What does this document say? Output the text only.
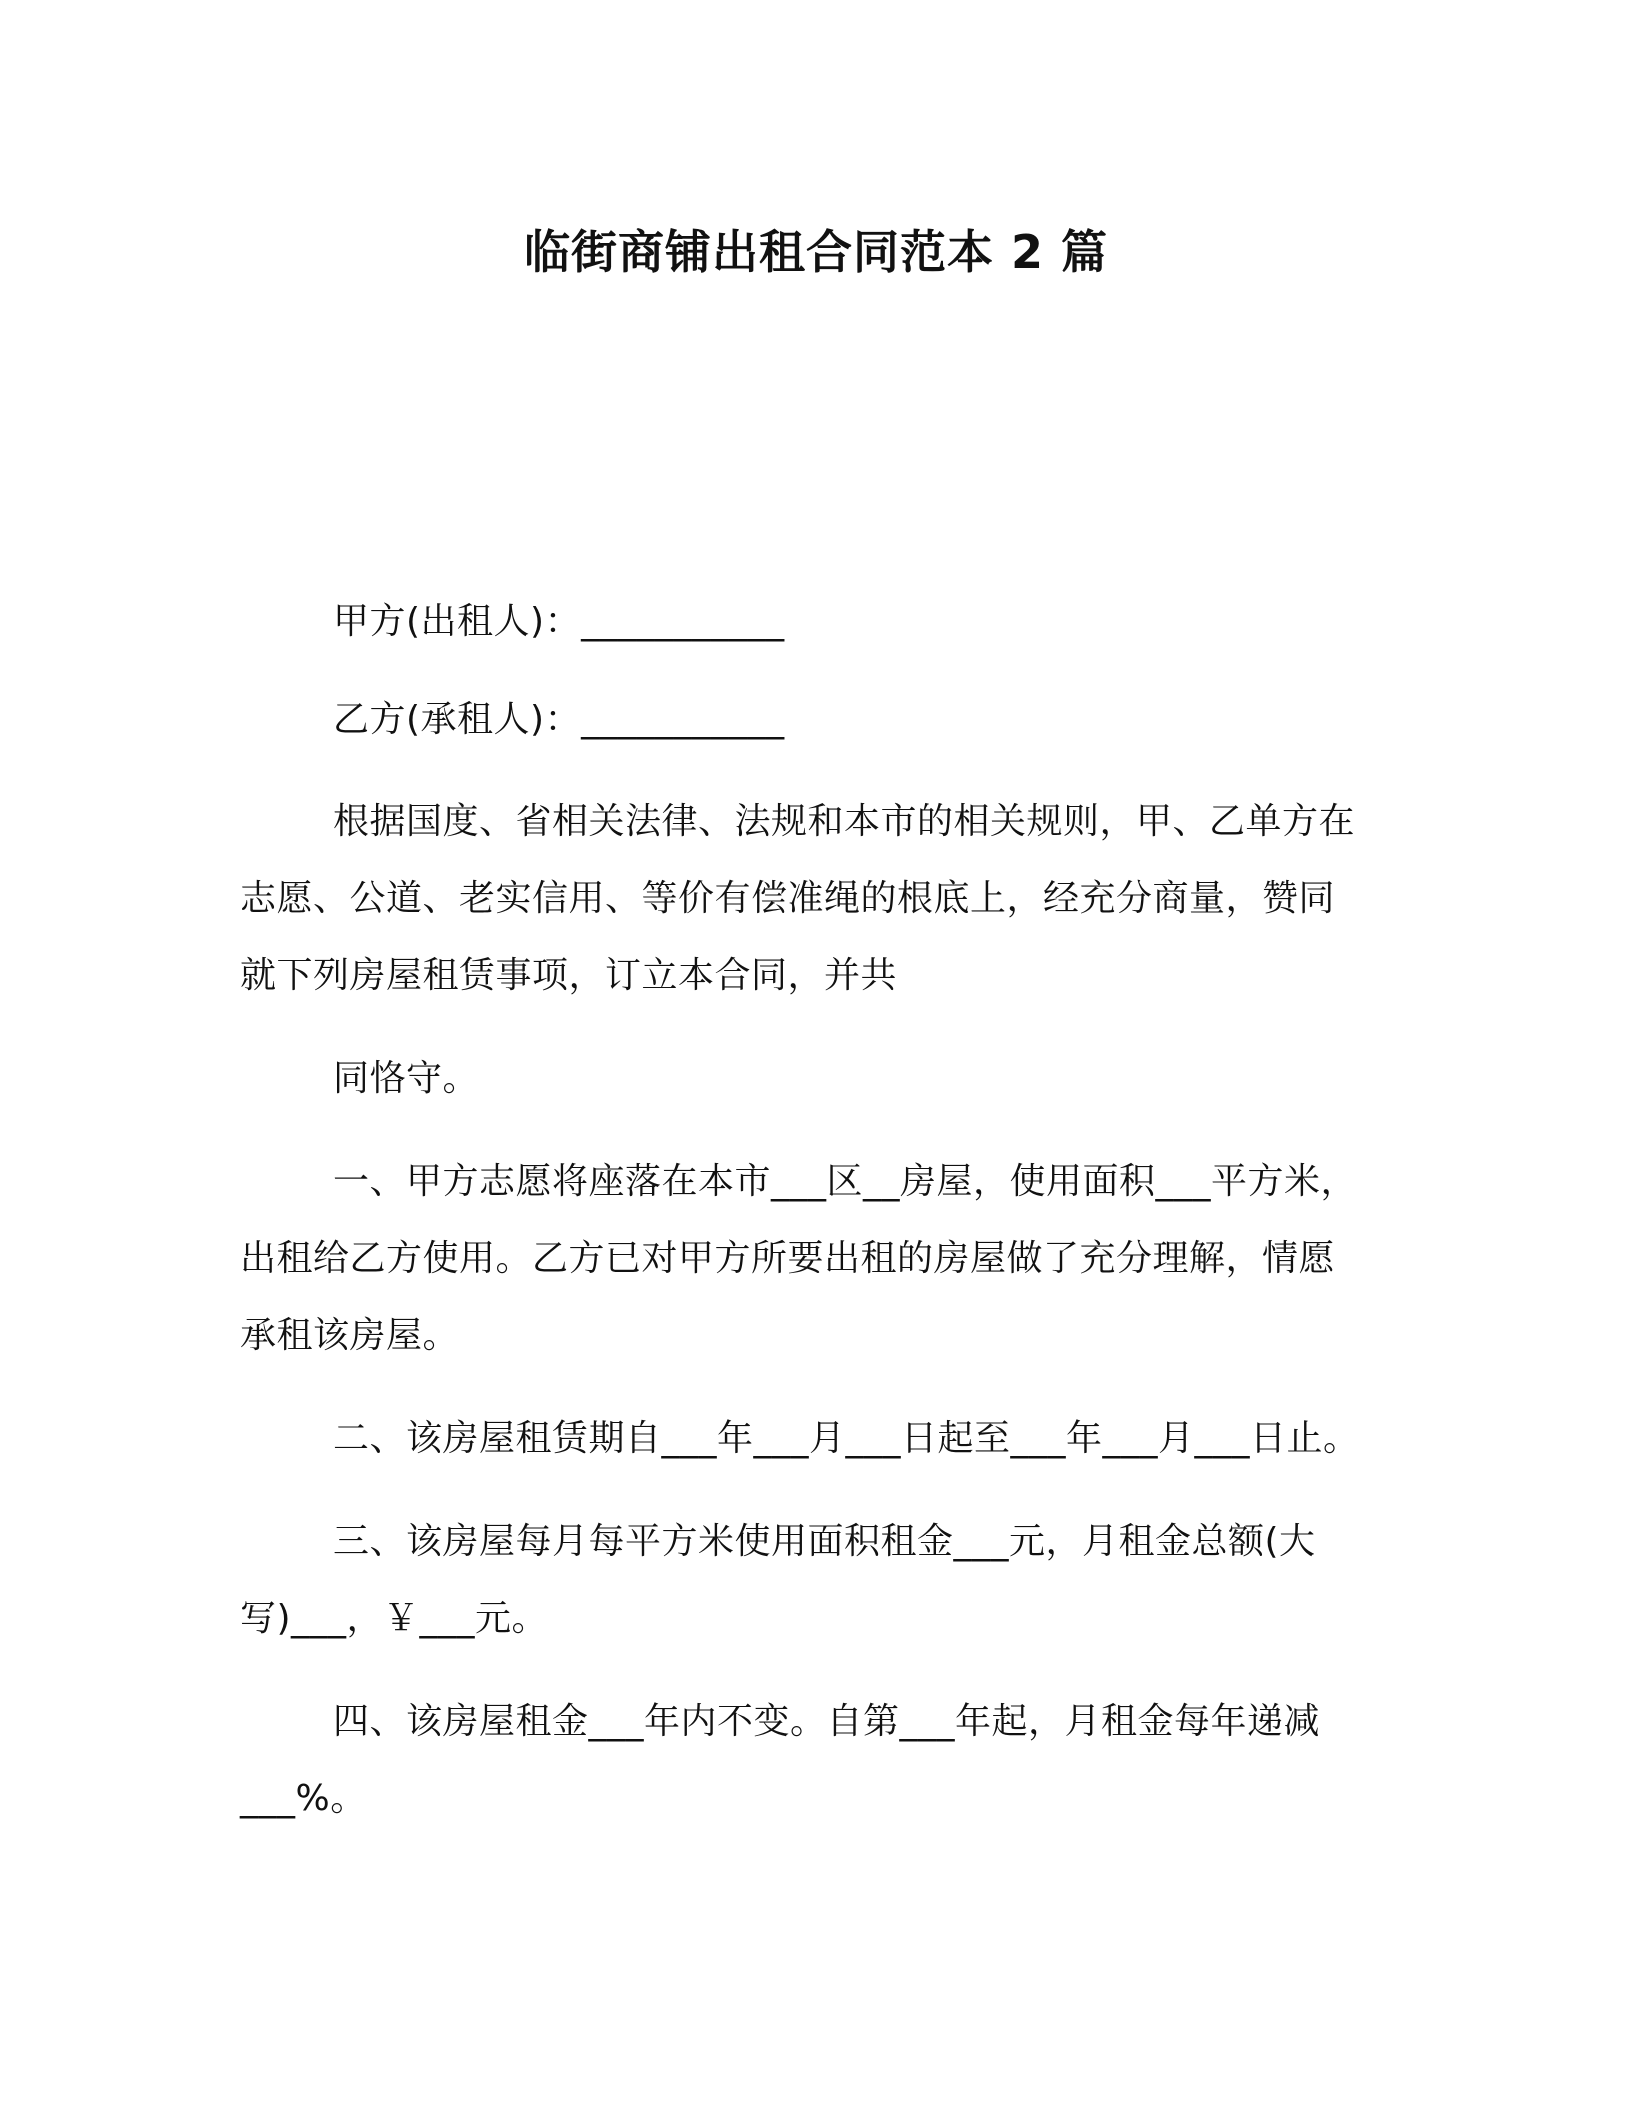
临街商铺出租合同范本 2 篇

甲方(出租人)：___________

乙方(承租人)：___________

根据国度、省相关法律、法规和本市的相关规则，甲、乙单方在

志愿、公道、老实信用、等价有偿准绳的根底上，经充分商量，赞同

就下列房屋租赁事项，订立本合同，并共

同恪守。

一、甲方志愿将座落在本市___区__房屋，使用面积___平方米，

出租给乙方使用。乙方已对甲方所要出租的房屋做了充分理解，情愿

承租该房屋。

二、该房屋租赁期自___年___月___日起至___年___月___日止。

三、该房屋每月每平方米使用面积租金___元，月租金总额(大

写)___，￥___元。

四、该房屋租金___年内不变。自第___年起，月租金每年递减

___%。
